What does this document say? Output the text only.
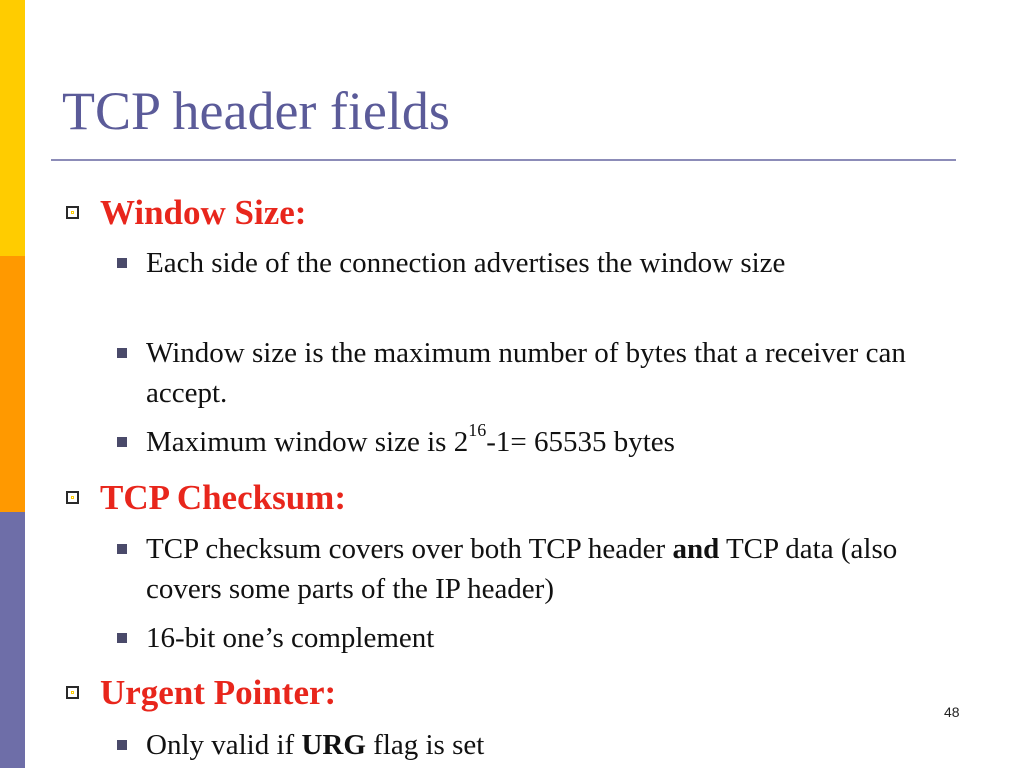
TCP header fields
Window Size:
Each side of the connection advertises the window size
Window size is the maximum number of bytes that a receiver can accept.
Maximum window size is $2^{16}-1= 65535$ bytes
TCP Checksum:
TCP checksum covers over both TCP header and TCP data (also covers some parts of the IP header)
16-bit one’s complement
Urgent Pointer:
Only valid if URG flag is set
48
